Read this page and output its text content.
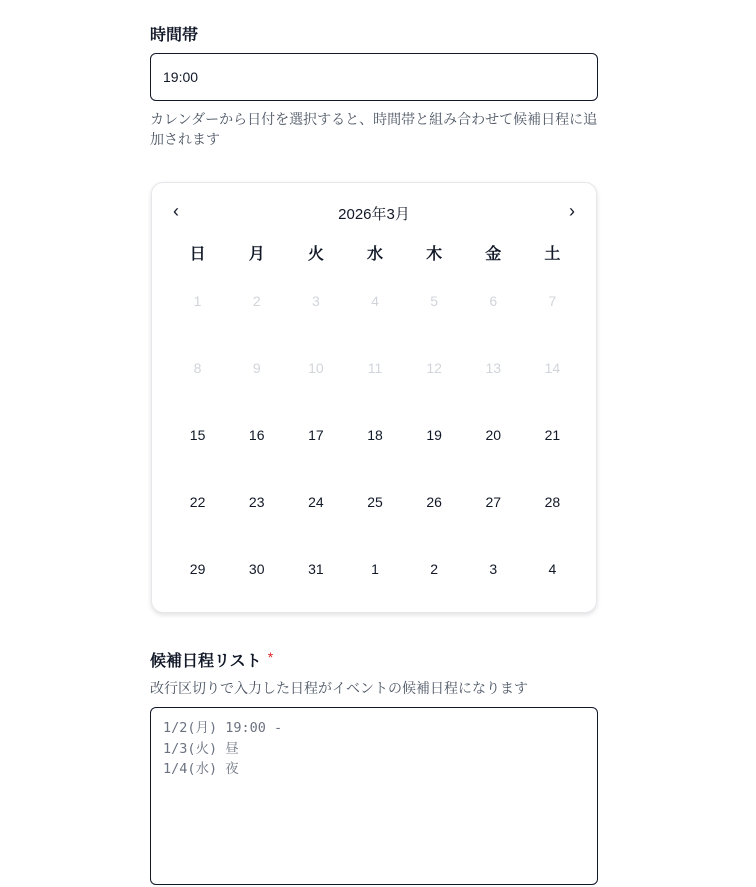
時間帯
19:00
カレンダーから日付を選択すると、時間帯と組み合わせて候補日程に追加されます
‹	2026年3月	›
日	月	火	水	木	金	土
1	2	3	4	5	6	7
8	9	10	11	12	13	14
15	16	17	18	19	20	21
22	23	24	25	26	27	28
29	30	31	1	2	3	4
候補日程リスト *
改行区切りで入力した日程がイベントの候補日程になります
1/2(月) 19:00 -
1/3(火) 昼
1/4(水) 夜
